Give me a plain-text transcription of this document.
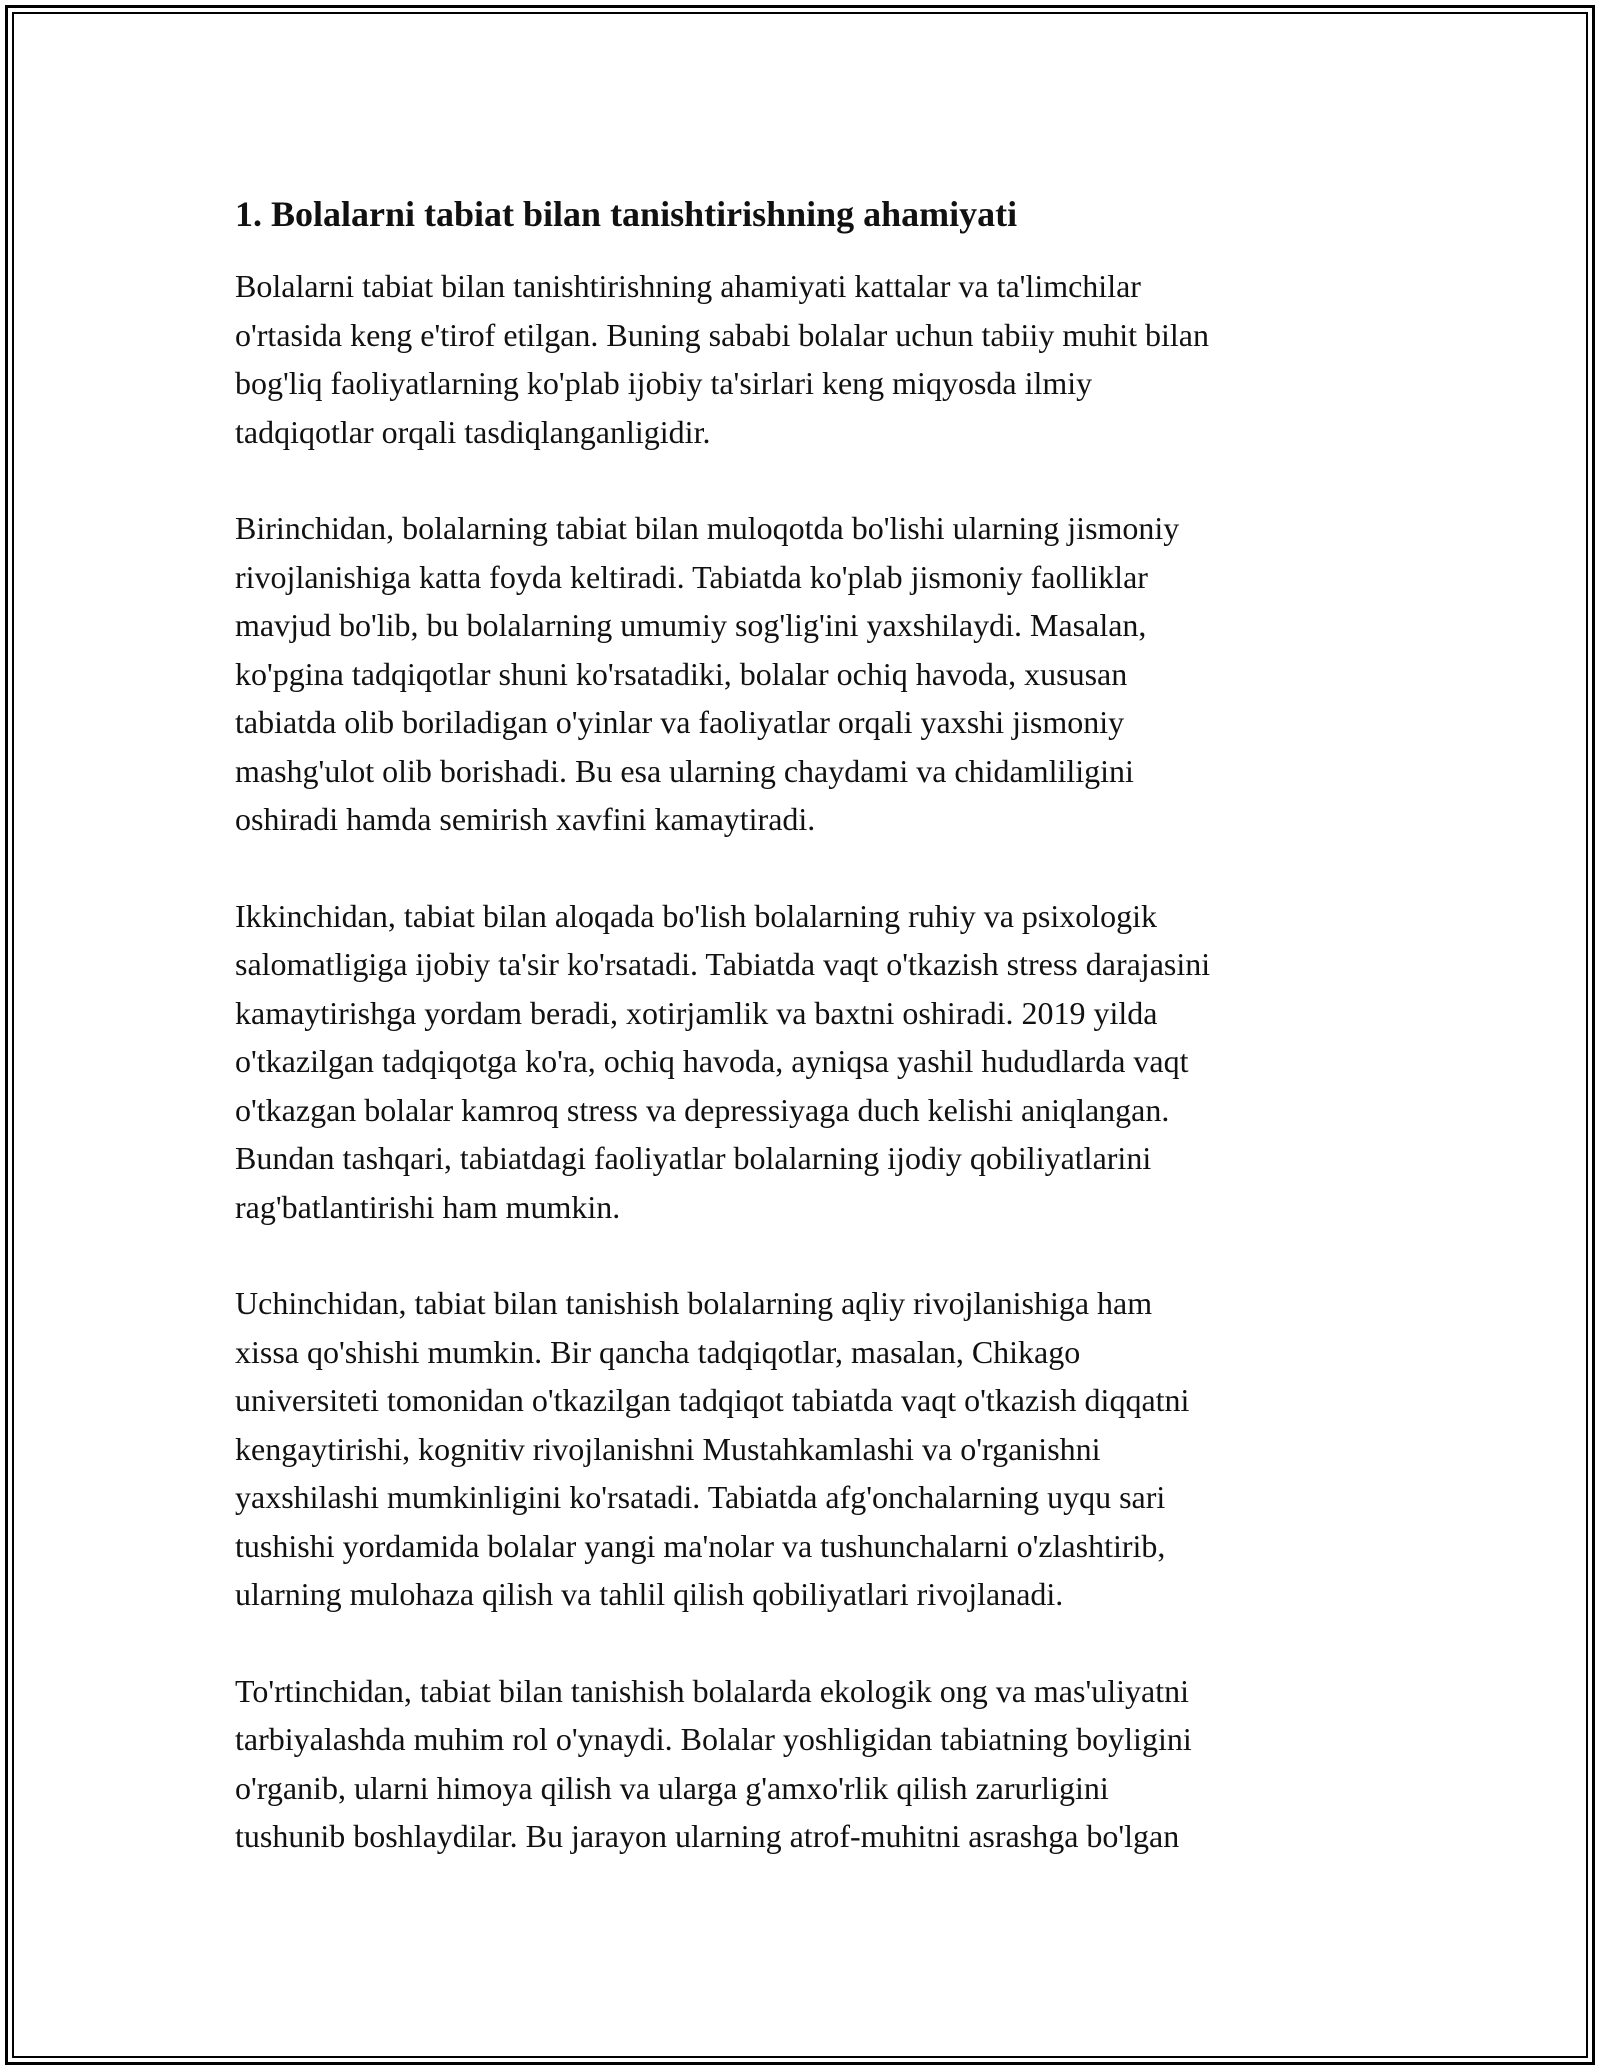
1. Bolalarni tabiat bilan tanishtirishning ahamiyati

Bolalarni tabiat bilan tanishtirishning ahamiyati kattalar va ta'limchilar
o'rtasida keng e'tirof etilgan. Buning sababi bolalar uchun tabiiy muhit bilan
bog'liq faoliyatlarning ko'plab ijobiy ta'sirlari keng miqyosda ilmiy
tadqiqotlar orqali tasdiqlanganligidir.

Birinchidan, bolalarning tabiat bilan muloqotda bo'lishi ularning jismoniy
rivojlanishiga katta foyda keltiradi. Tabiatda ko'plab jismoniy faolliklar
mavjud bo'lib, bu bolalarning umumiy sog'lig'ini yaxshilaydi. Masalan,
ko'pgina tadqiqotlar shuni ko'rsatadiki, bolalar ochiq havoda, xususan
tabiatda olib boriladigan o'yinlar va faoliyatlar orqali yaxshi jismoniy
mashg'ulot olib borishadi. Bu esa ularning chaydami va chidamliligini
oshiradi hamda semirish xavfini kamaytiradi.

Ikkinchidan, tabiat bilan aloqada bo'lish bolalarning ruhiy va psixologik
salomatligiga ijobiy ta'sir ko'rsatadi. Tabiatda vaqt o'tkazish stress darajasini
kamaytirishga yordam beradi, xotirjamlik va baxtni oshiradi. 2019 yilda
o'tkazilgan tadqiqotga ko'ra, ochiq havoda, ayniqsa yashil hududlarda vaqt
o'tkazgan bolalar kamroq stress va depressiyaga duch kelishi aniqlangan.
Bundan tashqari, tabiatdagi faoliyatlar bolalarning ijodiy qobiliyatlarini
rag'batlantirishi ham mumkin.

Uchinchidan, tabiat bilan tanishish bolalarning aqliy rivojlanishiga ham
xissa qo'shishi mumkin. Bir qancha tadqiqotlar, masalan, Chikago
universiteti tomonidan o'tkazilgan tadqiqot tabiatda vaqt o'tkazish diqqatni
kengaytirishi, kognitiv rivojlanishni Mustahkamlashi va o'rganishni
yaxshilashi mumkinligini ko'rsatadi. Tabiatda afg'onchalarning uyqu sari
tushishi yordamida bolalar yangi ma'nolar va tushunchalarni o'zlashtirib,
ularning mulohaza qilish va tahlil qilish qobiliyatlari rivojlanadi.

To'rtinchidan, tabiat bilan tanishish bolalarda ekologik ong va mas'uliyatni
tarbiyalashda muhim rol o'ynaydi. Bolalar yoshligidan tabiatning boyligini
o'rganib, ularni himoya qilish va ularga g'amxo'rlik qilish zarurligini
tushunib boshlaydilar. Bu jarayon ularning atrof-muhitni asrashga bo'lgan
